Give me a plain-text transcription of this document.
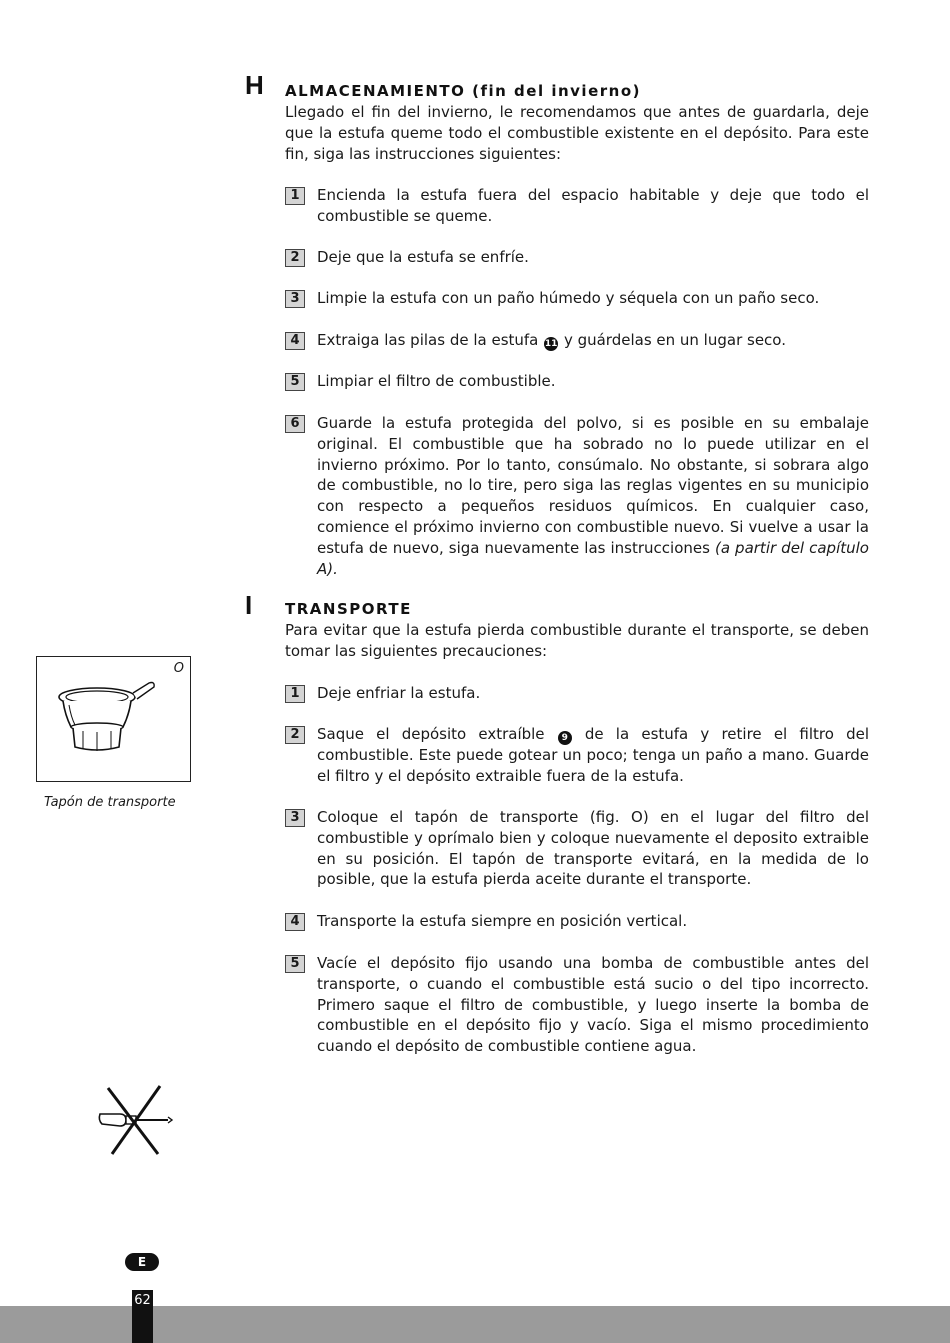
H ALMACENAMIENTO (fin del invierno)

Llegado el fin del invierno, le recomendamos que antes de guardarla, deje que la estufa queme todo el combustible existente en el depósito. Para este fin, siga las instrucciones siguientes:

1	Encienda la estufa fuera del espacio habitable y deje que todo el combustible se queme.
2	Deje que la estufa se enfríe.
3	Limpie la estufa con un paño húmedo y séquela con un paño seco.
4	Extraiga las pilas de la estufa 11 y guárdelas en un lugar seco.
5	Limpiar el filtro de combustible.
6	Guarde la estufa protegida del polvo, si es posible en su embalaje original. El combustible que ha sobrado no lo puede utilizar en el invierno próximo. Por lo tanto, consúmalo. No obstante, si sobrara algo de combustible, no lo tire, pero siga las reglas vigentes en su municipio con respecto a pequeños residuos químicos. En cualquier caso, comience el próximo invierno con combustible nuevo. Si vuelve a usar la estufa de nuevo, siga nuevamente las instrucciones (a partir del capítulo A).
I TRANSPORTE

Para evitar que la estufa pierda combustible durante el transporte, se deben tomar las siguientes precauciones:

1	Deje enfriar la estufa.
2	Saque el depósito extraíble 9 de la estufa y retire el filtro del combustible. Este puede gotear un poco; tenga un paño a mano. Guarde el filtro y el depósito extraible fuera de la estufa.
3	Coloque el tapón de transporte (fig. O) en el lugar del filtro del combustible y oprímalo bien y coloque nuevamente el deposito extraible en su posición. El tapón de transporte evitará, en la medida de lo posible, que la estufa pierda aceite durante el transporte.
4	Transporte la estufa siempre en posición vertical.
5	Vacíe el depósito fijo usando una bomba de combustible antes del transporte, o cuando el combustible está sucio o del tipo incorrecto. Primero saque el filtro de combustible, y luego inserte la bomba de combustible en el depósito fijo y vacío. Siga el mismo procedimiento cuando el depósito de combustible contiene agua.
O
Tapón de transporte
E
62
